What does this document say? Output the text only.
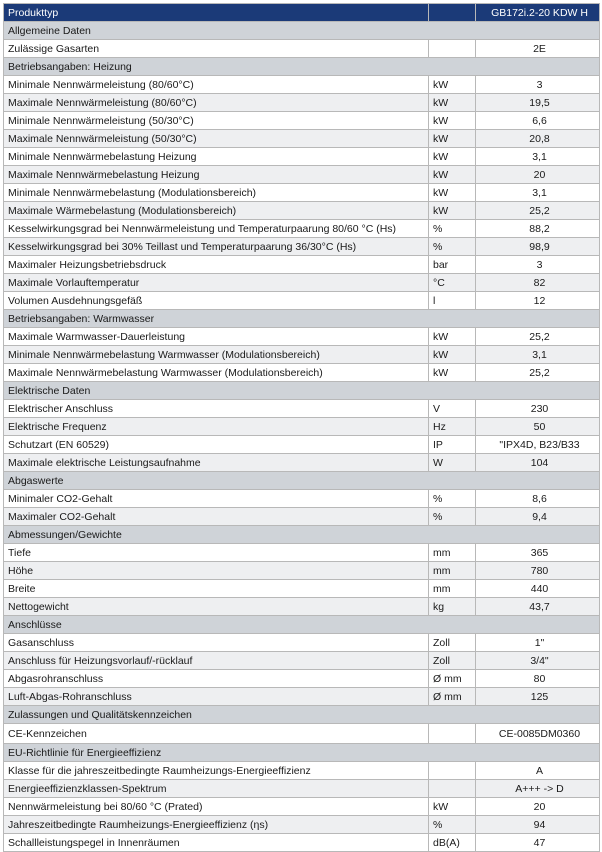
Produkttyp		GB172i.2-20 KDW H
Allgemeine Daten		
Zulässige Gasarten		2E
Betriebsangaben: Heizung		
Minimale Nennwärmeleistung (80/60°C)	kW	3
Maximale Nennwärmeleistung (80/60°C)	kW	19,5
Minimale Nennwärmeleistung (50/30°C)	kW	6,6
Maximale Nennwärmeleistung (50/30°C)	kW	20,8
Minimale Nennwärmebelastung Heizung	kW	3,1
Maximale Nennwärmebelastung Heizung	kW	20
Minimale Nennwärmebelastung (Modulationsbereich)	kW	3,1
Maximale Wärmebelastung (Modulationsbereich)	kW	25,2
Kesselwirkungsgrad bei Nennwärmeleistung und Temperaturpaarung 80/60 °C (Hs)	%	88,2
Kesselwirkungsgrad bei 30% Teillast und Temperaturpaarung 36/30°C (Hs)	%	98,9
Maximaler Heizungsbetriebsdruck	bar	3
Maximale Vorlauftemperatur	°C	82
Volumen Ausdehnungsgefäß	l	12
Betriebsangaben: Warmwasser		
Maximale Warmwasser-Dauerleistung	kW	25,2
Minimale Nennwärmebelastung Warmwasser (Modulationsbereich)	kW	3,1
Maximale Nennwärmebelastung Warmwasser (Modulationsbereich)	kW	25,2
Elektrische Daten		
Elektrischer Anschluss	V	230
Elektrische Frequenz	Hz	50
Schutzart (EN 60529)	IP	"IPX4D, B23/B33
Maximale elektrische Leistungsaufnahme	W	104
Abgaswerte		
Minimaler CO2-Gehalt	%	8,6
Maximaler CO2-Gehalt	%	9,4
Abmessungen/Gewichte		
Tiefe	mm	365
Höhe	mm	780
Breite	mm	440
Nettogewicht	kg	43,7
Anschlüsse		
Gasanschluss	Zoll	1"
Anschluss für Heizungsvorlauf/-rücklauf	Zoll	3/4"
Abgasrohranschluss	Ø mm	80
Luft-Abgas-Rohranschluss	Ø mm	125
Zulassungen und Qualitätskennzeichen		
CE-Kennzeichen		CE-0085DM0360
EU-Richtlinie für Energieeffizienz		
Klasse für die jahreszeitbedingte Raumheizungs-Energieeffizienz		A
Energieeffizienzklassen-Spektrum		A+++ -> D
Nennwärmeleistung bei 80/60 °C (Prated)	kW	20
Jahreszeitbedingte Raumheizungs-Energieeffizienz (ηs)	%	94
Schallleistungspegel in Innenräumen	dB(A)	47
